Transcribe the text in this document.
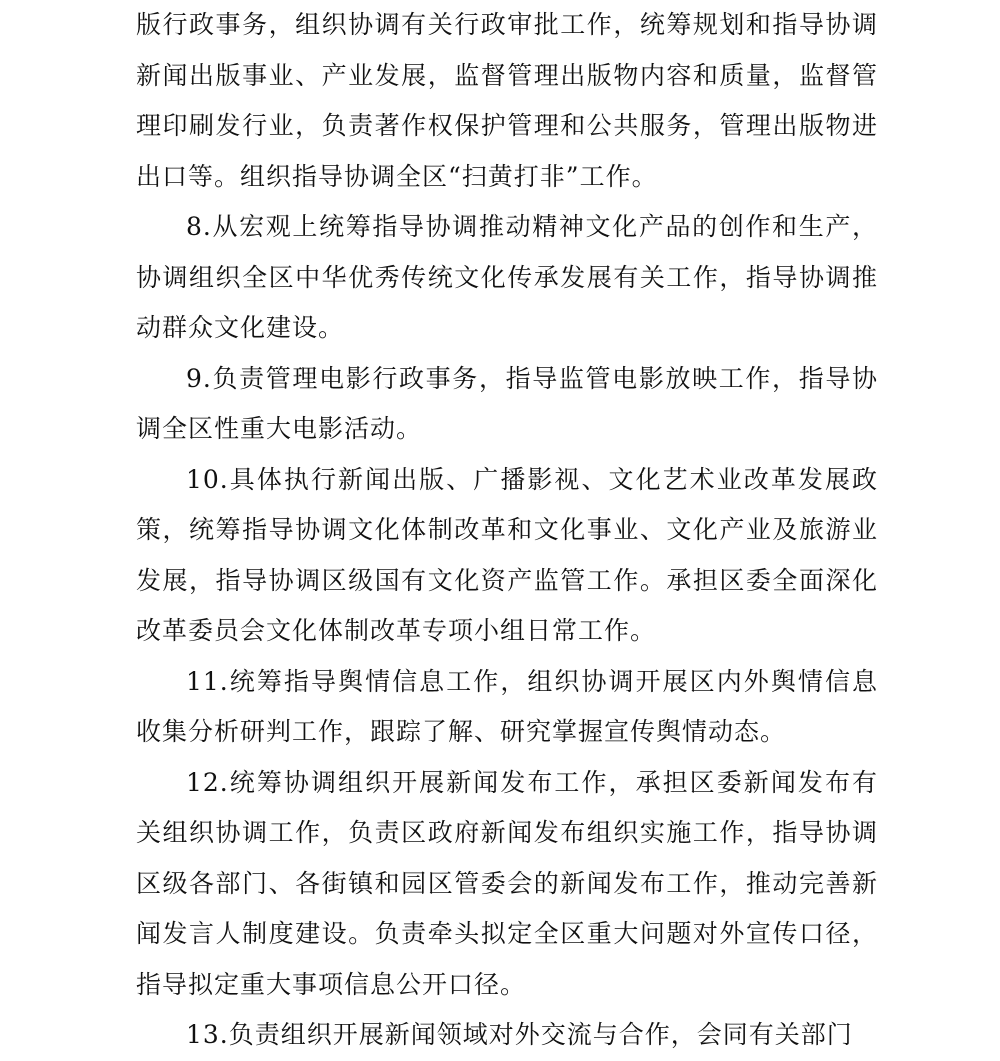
版行政事务，组织协调有关行政审批工作，统筹规划和指导协调
新闻出版事业、产业发展，监督管理出版物内容和质量，监督管
理印刷发行业，负责著作权保护管理和公共服务，管理出版物进
出口等。组织指导协调全区“扫黄打非”工作。
8.从宏观上统筹指导协调推动精神文化产品的创作和生产，
协调组织全区中华优秀传统文化传承发展有关工作，指导协调推
动群众文化建设。
9.负责管理电影行政事务，指导监管电影放映工作，指导协
调全区性重大电影活动。
10.具体执行新闻出版、广播影视、文化艺术业改革发展政
策，统筹指导协调文化体制改革和文化事业、文化产业及旅游业
发展，指导协调区级国有文化资产监管工作。承担区委全面深化
改革委员会文化体制改革专项小组日常工作。
11.统筹指导舆情信息工作，组织协调开展区内外舆情信息
收集分析研判工作，跟踪了解、研究掌握宣传舆情动态。
12.统筹协调组织开展新闻发布工作，承担区委新闻发布有
关组织协调工作，负责区政府新闻发布组织实施工作，指导协调
区级各部门、各街镇和园区管委会的新闻发布工作，推动完善新
闻发言人制度建设。负责牵头拟定全区重大问题对外宣传口径，
指导拟定重大事项信息公开口径。
13.负责组织开展新闻领域对外交流与合作，会同有关部门
